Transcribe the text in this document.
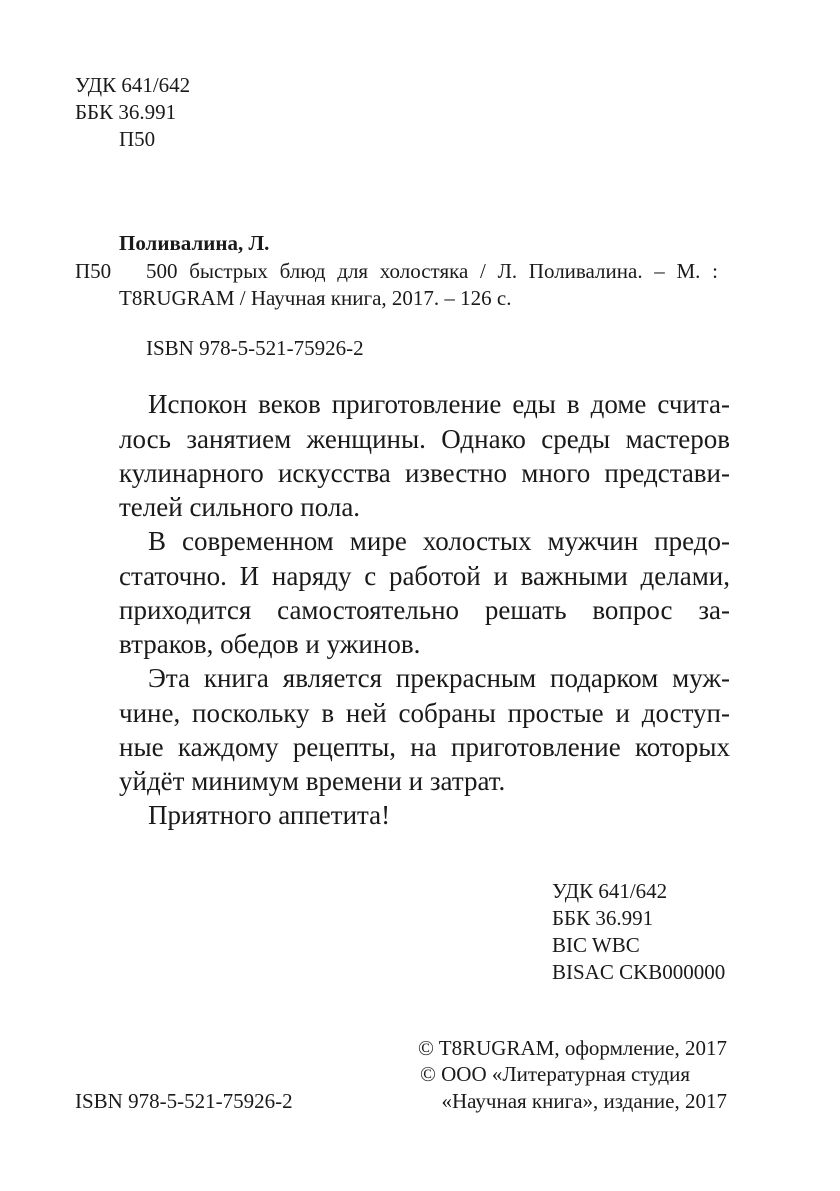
УДК 641/642
ББК 36.991
П50
Поливалина, Л.
П50 500 быстрых блюд для холостяка / Л. Поливалина. – М. :
T8RUGRAM / Научная книга, 2017. – 126 с.
ISBN 978-5-521-75926-2
Испокон веков приготовление еды в доме счита-
лось занятием женщины. Однако среды мастеров
кулинарного искусства известно много представи-
телей сильного пола.
В современном мире холостых мужчин предо-
статочно. И наряду с работой и важными делами,
приходится самостоятельно решать вопрос за-
втраков, обедов и ужинов.
Эта книга является прекрасным подарком муж-
чине, поскольку в ней собраны простые и доступ-
ные каждому рецепты, на приготовление которых
уйдёт минимум времени и затрат.
Приятного аппетита!
УДК 641/642
ББК 36.991
BIC WBC
BISAC CKB000000
© T8RUGRAM, оформление, 2017
© ООО «Литературная студия
«Научная книга», издание, 2017
ISBN 978-5-521-75926-2
